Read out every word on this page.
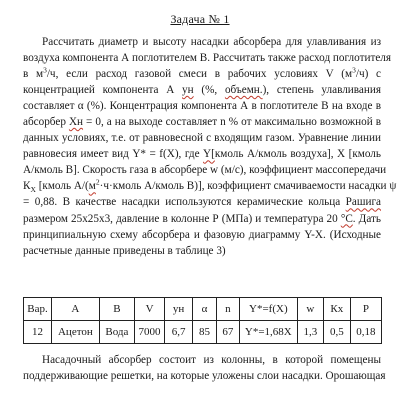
Задача № 1
Рассчитать диаметр и высоту насадки абсорбера для улавливания из
воздуха компонента А поглотителем В. Рассчитать также расход поглотителя
в $м^3/ч$, если расход газовой смеси в рабочих условиях V $(м^3/ч)$ с
концентрацией компонента А ун (%, объемн.), степень улавливания
составляет α (%). Концентрация компонента А в поглотителе В на входе в
абсорбер Хн = 0, а на выходе составляет n % от максимально возможной в
данных условиях, т.е. от равновесной с входящим газом. Уравнение линии
равновесия имеет вид Y* = f(X), где Y[кмоль А/кмоль воздуха], X [кмоль
А/кмоль В]. Скорость газа в абсорбере w (м/с), коэффициент массопередачи
$К_Х$ [кмоль $А/(м^2\cdot ч\cdot кмоль$ А/кмоль В)], коэффициент смачиваемости насадки ψ
= 0,88. В качестве насадки используются керамические кольца Рашига
размером 25х25х3, давление в колонне Р (МПа) и температура 20 °С. Дать
принципиальную схему абсорбера и фазовую диаграмму Y-X. (Исходные
расчетные данные приведены в таблице 3)
Вар.	А	В	V	yн	α	n	Y*=f(X)	w	Кх	Р
12	Ацетон	Вода	7000	6,7	85	67	Y*=1,68X	1,3	0,5	0,18
Насадочный абсорбер состоит из колонны, в которой помещены
поддерживающие решетки, на которые уложены слои насадки. Орошающая
